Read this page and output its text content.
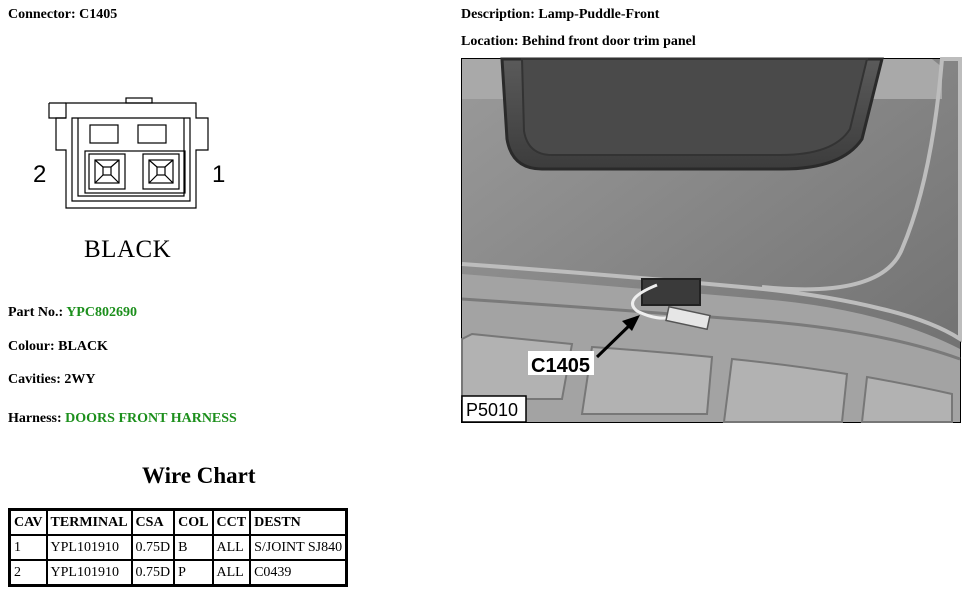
Connector: C1405
2	1
BLACK
Part No.: YPC802690
Colour: BLACK
Cavities: 2WY
Harness: DOORS FRONT HARNESS
Wire Chart
CAV	TERMINAL	CSA	COL	CCT	DESTN
1	YPL101910	0.75D	B	ALL	S/JOINT SJ840
2	YPL101910	0.75D	P	ALL	C0439
Description: Lamp-Puddle-Front
Location: Behind front door trim panel
C1405
P5010
